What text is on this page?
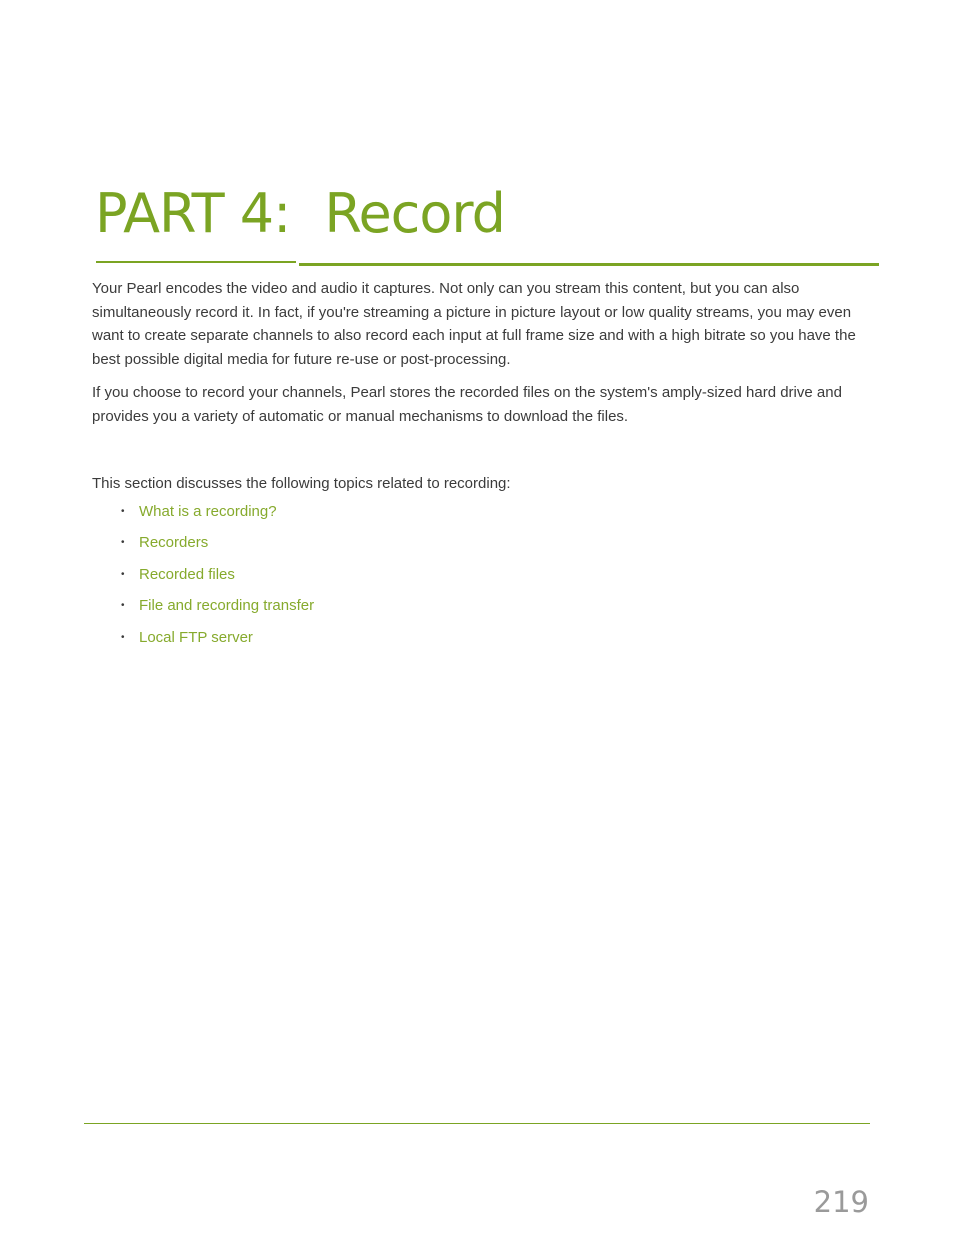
PART 4: Record

Your Pearl encodes the video and audio it captures. Not only can you stream this content, but you can also simultaneously record it. In fact, if you're streaming a picture in picture layout or low quality streams, you may even want to create separate channels to also record each input at full frame size and with a high bitrate so you have the best possible digital media for future re-use or post-processing.

If you choose to record your channels, Pearl stores the recorded files on the system's amply-sized hard drive and provides you a variety of automatic or manual mechanisms to download the files.

This section discusses the following topics related to recording:

• What is a recording?
• Recorders
• Recorded files
• File and recording transfer
• Local FTP server
219
